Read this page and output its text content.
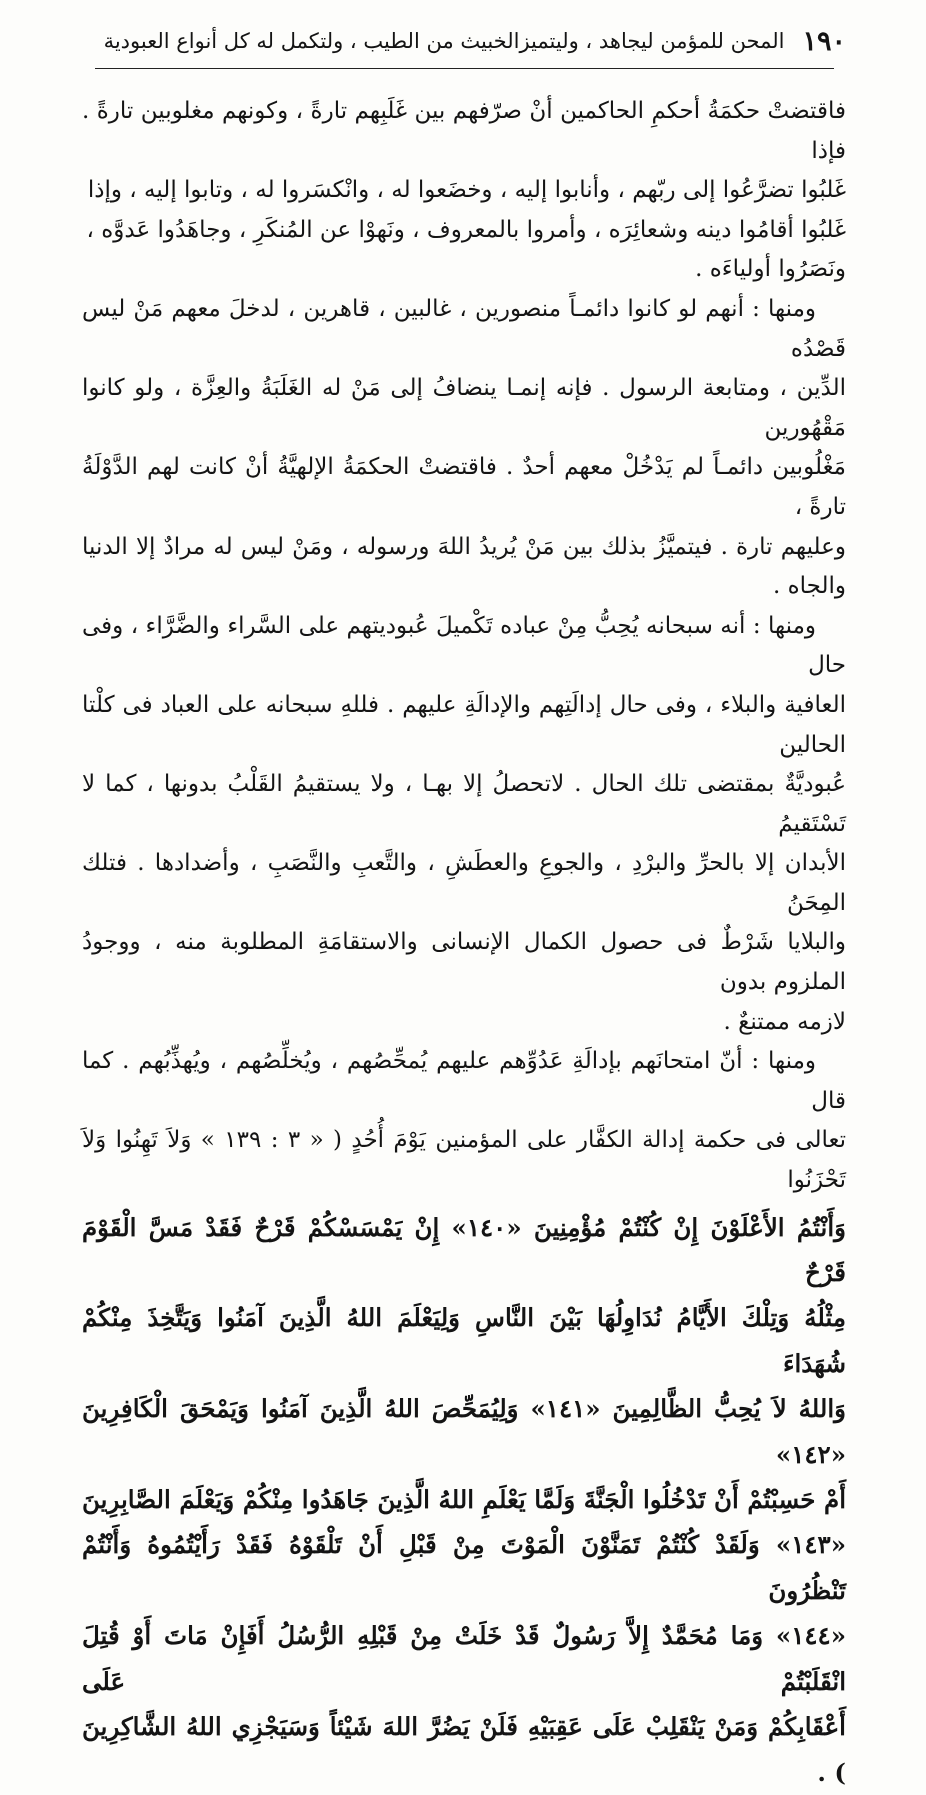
١٩٠
المحن للمؤمن ليجاهد ، وليتميزالخبيث من الطيب ، ولتكمل له كل أنواع العبودية

فاقتضتْ حكمَةُ أحكمِ الحاكمين أنْ صرّفهم بين غَلَبِهم تارةً ، وكونهم مغلوبين تارةً . فإذا

غَلبُوا تضرَّعُوا إلى ربّهم ، وأنابوا إليه ، وخضَعوا له ، وانْكسَروا له ، وتابوا إليه ، وإذا

غَلبُوا أقامُوا دينه وشعائِرَه ، وأمروا بالمعروف ، ونَهوْا عن المُنكَرِ ، وجاهَدُوا عَدوَّه ،

ونَصَرُوا أولياءَه .

ومنها : أنهم لو كانوا دائمـاً منصورين ، غالبين ، قاهرين ، لدخلَ معهم مَنْ ليس قَصْدُه

الدِّين ، ومتابعة الرسول . فإنه إنمـا ينضافُ إلى مَنْ له الغَلَبَةُ والعِزَّة ، ولو كانوا مَقْهُورين

مَغْلُوبين دائمـاً لم يَدْخُلْ معهم أحدٌ . فاقتضتْ الحكمَةُ الإلهيَّةُ أنْ كانت لهم الدَّوْلَةُ تارةً ،

وعليهم تارة . فيتميَّزُ بذلك بين مَنْ يُريدُ اللهَ ورسوله ، ومَنْ ليس له مرادٌ إلا الدنيا والجاه .

ومنها : أنه سبحانه يُحِبُّ مِنْ عباده تَكْميلَ عُبوديتهم على السَّراء والضَّرَّاء ، وفى حال

العافية والبلاء ، وفى حال إدالَتِهم والإدالَةِ عليهم . فللهِ سبحانه على العباد فى كلْتا الحالين

عُبوديَّةٌ بمقتضى تلك الحال . لاتحصلُ إلا بهـا ، ولا يستقيمُ القَلْبُ بدونها ، كما لا تَسْتَقيمُ

الأبدان إلا بالحرِّ والبرْدِ ، والجوعِ والعطَشِ ، والتَّعبِ والنَّصَبِ ، وأضدادها . فتلك المِحَنُ

والبلايا شَرْطٌ فى حصول الكمال الإنسانى والاستقامَةِ المطلوبة منه ، ووجودُ الملزوم بدون

لازمه ممتنعٌ .

ومنها : أنّ امتحانَهم بإدالَةِ عَدُوِّهم عليهم يُمحِّصُهم ، ويُخلِّصُهم ، ويُهذِّبُهم . كما قال

تعالى فى حكمة إدالة الكفَّار على المؤمنين يَوْمَ أُحُدٍ ( « ٣ : ١٣٩ » وَلاَ تَهِنُوا وَلاَ تَحْزَنُوا

وَأَنْتُمُ الأَعْلَوْنَ إِنْ كُنْتُمْ مُؤْمِنِينَ «١٤٠» إِنْ يَمْسَسْكُمْ قَرْحٌ فَقَدْ مَسَّ الْقَوْمَ قَرْحٌ

مِثْلُهُ وَتِلْكَ الأَيَّامُ نُدَاوِلُهَا بَيْنَ النَّاسِ وَلِيَعْلَمَ اللهُ الَّذِينَ آمَنُوا وَيَتَّخِذَ مِنْكُمْ شُهَدَاءَ

وَاللهُ لاَ يُحِبُّ الظَّالِمِينَ «١٤١» وَلِيُمَحِّصَ اللهُ الَّذِينَ آمَنُوا وَيَمْحَقَ الْكَافِرِينَ «١٤٢»

أَمْ حَسِبْتُمْ أَنْ تَدْخُلُوا الْجَنَّةَ وَلَمَّا يَعْلَمِ اللهُ الَّذِينَ جَاهَدُوا مِنْكُمْ وَيَعْلَمَ الصَّابِرِينَ

«١٤٣» وَلَقَدْ كُنْتُمْ تَمَنَّوْنَ الْمَوْتَ مِنْ قَبْلِ أَنْ تَلْقَوْهُ فَقَدْ رَأَيْتُمُوهُ وَأَنْتُمْ تَنْظُرُونَ

«١٤٤» وَمَا مُحَمَّدٌ إِلاَّ رَسُولٌ قَدْ خَلَتْ مِنْ قَبْلِهِ الرُّسُلُ أَفَإِنْ مَاتَ أَوْ قُتِلَ انْقَلَبْتُمْ عَلَى

أَعْقَابِكُمْ وَمَنْ يَنْقَلِبْ عَلَى عَقِبَيْهِ فَلَنْ يَضُرَّ اللهَ شَيْئاً وَسَيَجْزِي اللهُ الشَّاكِرِينَ ) .
